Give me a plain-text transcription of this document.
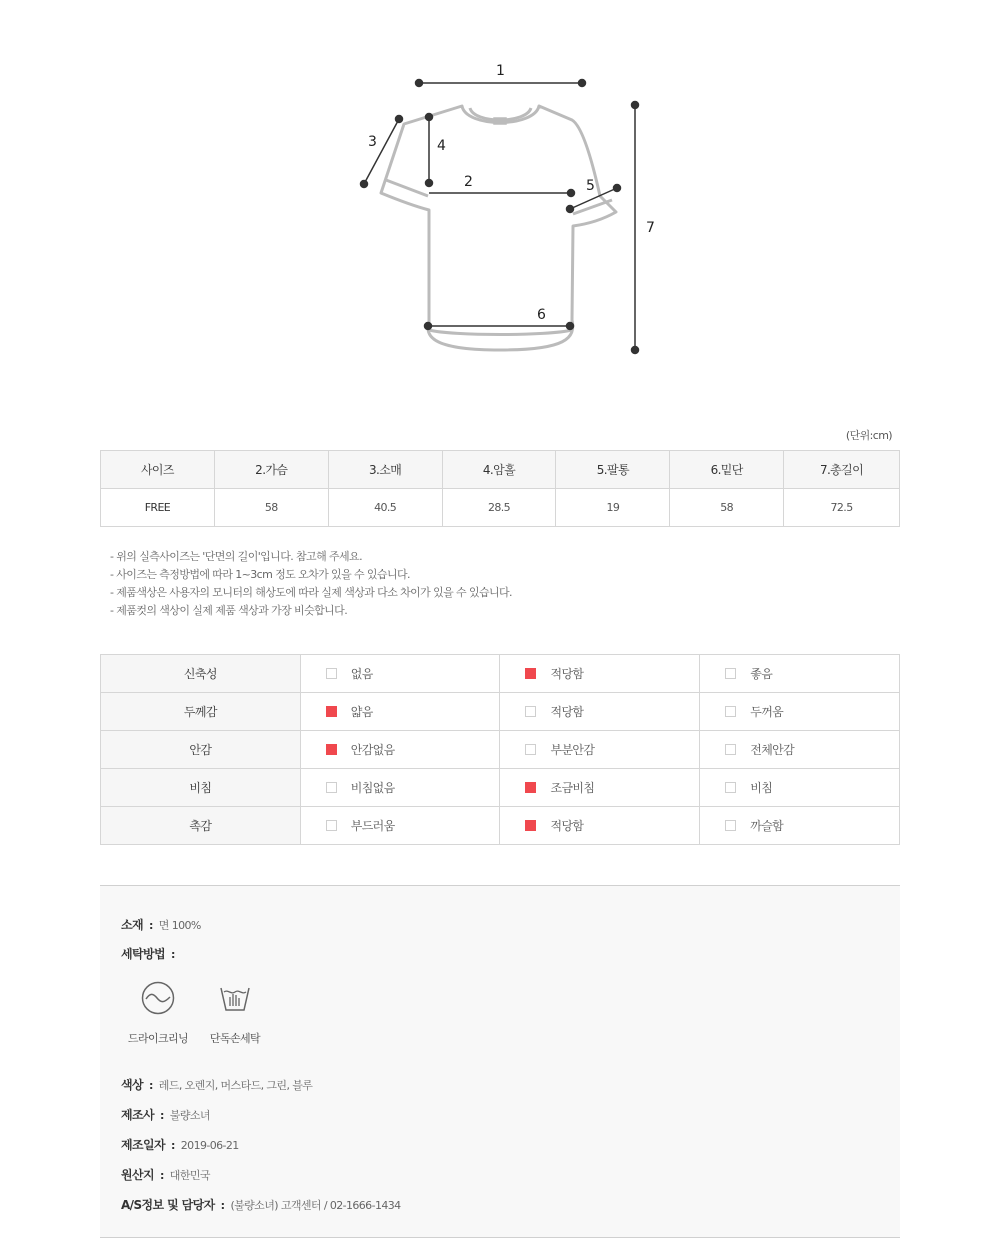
1
2
3	4
5
6
7
(단위:cm)
사이즈	2.가슴	3.소매	4.암홀	5.팔통	6.밑단	7.총길이
FREE	58	40.5	28.5	19	58	72.5
- 위의 실측사이즈는 '단면의 길이'입니다. 참고해 주세요.
- 사이즈는 측정방법에 따라 1~3cm 정도 오차가 있을 수 있습니다.
- 제품색상은 사용자의 모니터의 해상도에 따라 실제 색상과 다소 차이가 있을 수 있습니다.
- 제품컷의 색상이 실제 제품 색상과 가장 비슷합니다.
신축성	없음	적당함	좋음
두께감	얇음	적당함	두꺼움
안감	안감없음	부분안감	전체안감
비침	비침없음	조금비침	비침
촉감	부드러움	적당함	까슬함
소재 : 면 100%
세탁방법 :
드라이크리닝	단독손세탁
색상 : 레드, 오렌지, 머스타드, 그린, 블루
제조사 : 불량소녀
제조일자 : 2019-06-21
원산지 : 대한민국
A/S정보 및 담당자 : (불량소녀) 고객센터 / 02-1666-1434
